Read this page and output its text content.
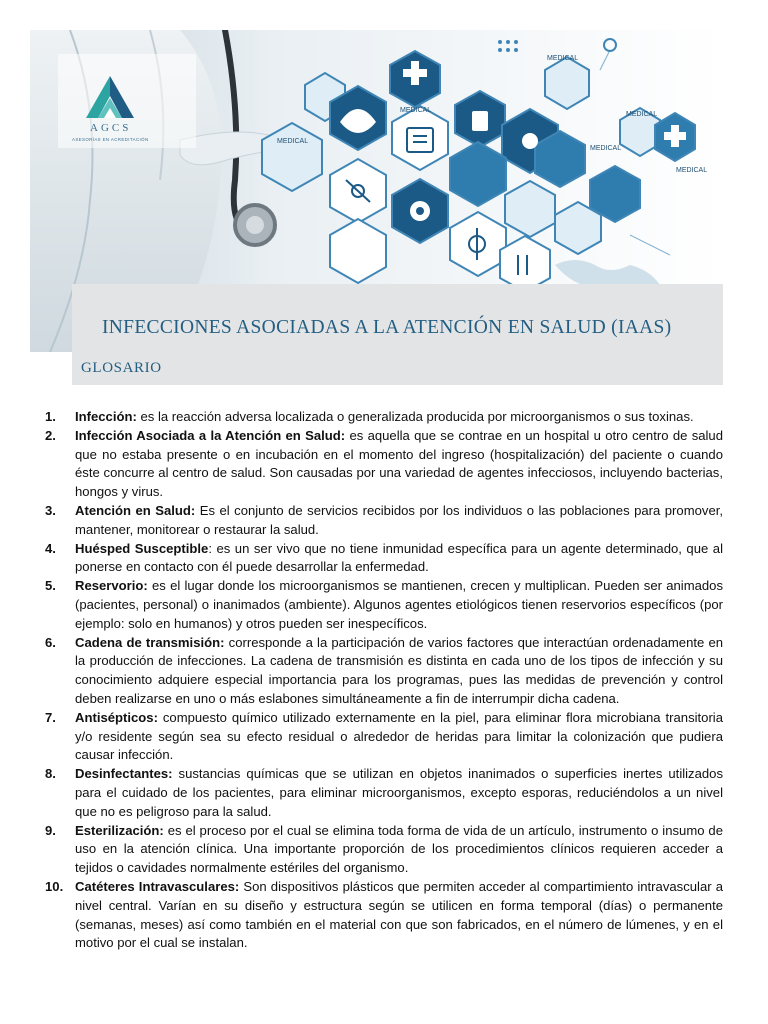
MEDICAL
MEDICAL
MEDICAL
MEDICAL
MEDICAL
MEDICAL
AGCS
ASESORÍAS EN ACREDITACIÓN
INFECCIONES ASOCIADAS A LA ATENCIÓN EN SALUD (IAAS)
GLOSARIO
1. Infección: es la reacción adversa localizada o generalizada producida por microorganismos o sus toxinas.
2. Infección Asociada a la Atención en Salud: es aquella que se contrae en un hospital u otro centro de salud que no estaba presente o en incubación en el momento del ingreso (hospitalización) del paciente o cuando éste concurre al centro de salud. Son causadas por una variedad de agentes infecciosos, incluyendo bacterias, hongos y virus.
3. Atención en Salud: Es el conjunto de servicios recibidos por los individuos o las poblaciones para promover, mantener, monitorear o restaurar la salud.
4. Huésped Susceptible: es un ser vivo que no tiene inmunidad específica para un agente determinado, que al ponerse en contacto con él puede desarrollar la enfermedad.
5. Reservorio: es el lugar donde los microorganismos se mantienen, crecen y multiplican. Pueden ser animados (pacientes, personal) o inanimados (ambiente). Algunos agentes etiológicos tienen reservorios específicos (por ejemplo: solo en humanos) y otros pueden ser inespecíficos.
6. Cadena de transmisión: corresponde a la participación de varios factores que interactúan ordenadamente en la producción de infecciones. La cadena de transmisión es distinta en cada uno de los tipos de infección y su conocimiento adquiere especial importancia para los programas, pues las medidas de prevención y control deben realizarse en uno o más eslabones simultáneamente a fin de interrumpir dicha cadena.
7. Antisépticos: compuesto químico utilizado externamente en la piel, para eliminar flora microbiana transitoria y/o residente según sea su efecto residual o alrededor de heridas para limitar la colonización que pudiera causar infección.
8. Desinfectantes: sustancias químicas que se utilizan en objetos inanimados o superficies inertes utilizados para el cuidado de los pacientes, para eliminar microorganismos, excepto esporas, reduciéndolos a un nivel que no es peligroso para la salud.
9. Esterilización: es el proceso por el cual se elimina toda forma de vida de un artículo, instrumento o insumo de uso en la atención clínica. Una importante proporción de los procedimientos clínicos requieren acceder a tejidos o cavidades normalmente estériles del organismo.
10. Catéteres Intravasculares: Son dispositivos plásticos que permiten acceder al compartimiento intravascular a nivel central. Varían en su diseño y estructura según se utilicen en forma temporal (días) o permanente (semanas, meses) así como también en el material con que son fabricados, en el número de lúmenes, y en el motivo por el cual se instalan.
